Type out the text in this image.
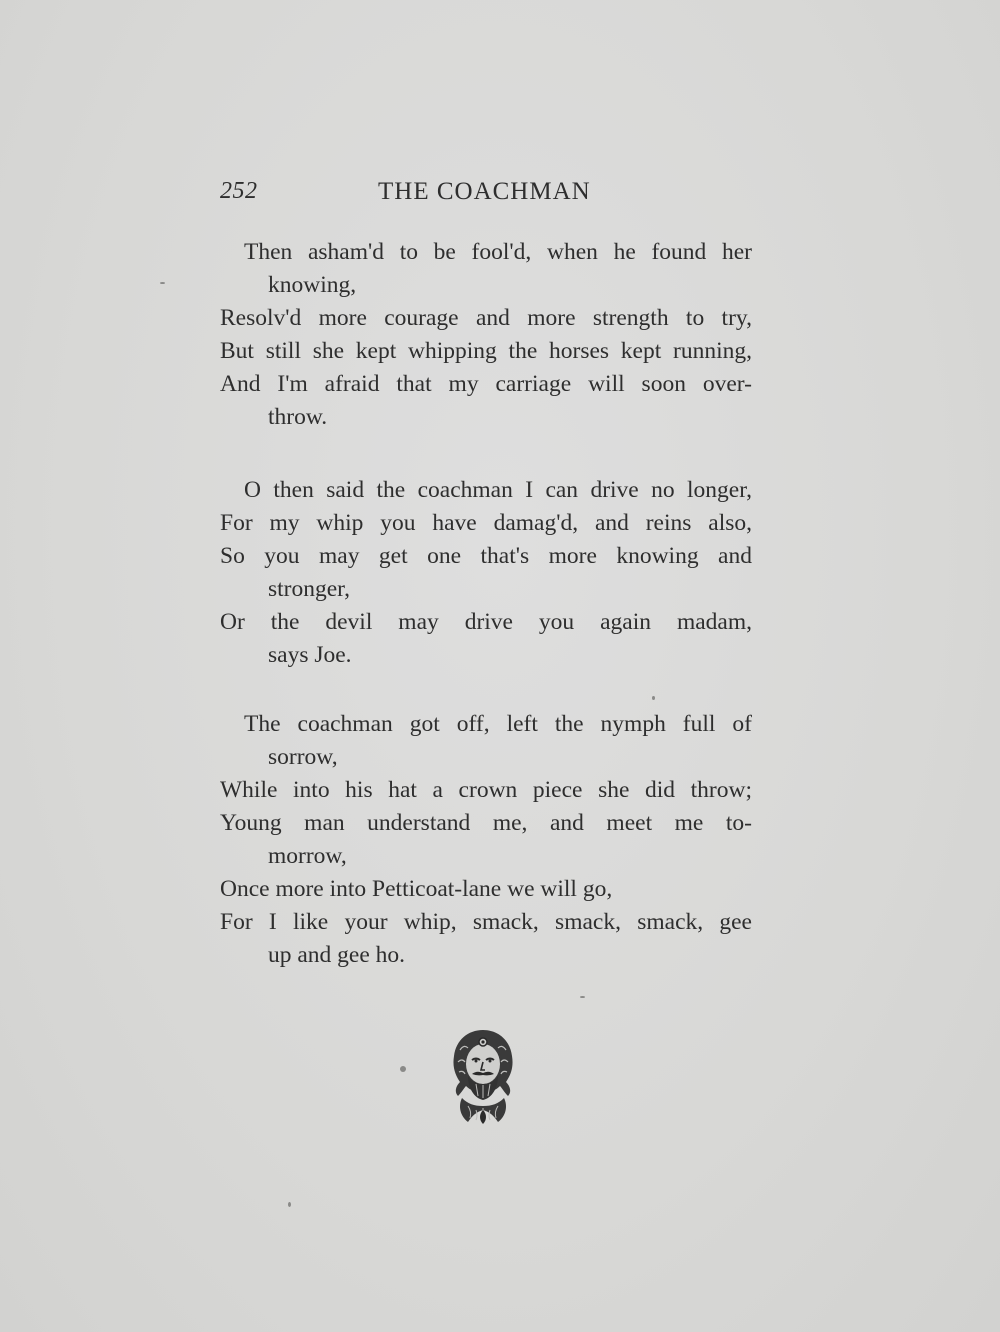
252	THE COACHMAN
Then asham'd to be fool'd, when he found her
knowing,
Resolv'd more courage and more strength to try,
But still she kept whipping the horses kept running,
And I'm afraid that my carriage will soon over-
throw.
O then said the coachman I can drive no longer,
For my whip you have damag'd, and reins also,
So you may get one that's more knowing and
stronger,
Or the devil may drive you again madam,
says Joe.
The coachman got off, left the nymph full of
sorrow,
While into his hat a crown piece she did throw;
Young man understand me, and meet me to-
morrow,
Once more into Petticoat-lane we will go,
For I like your whip, smack, smack, smack, gee
up and gee ho.
